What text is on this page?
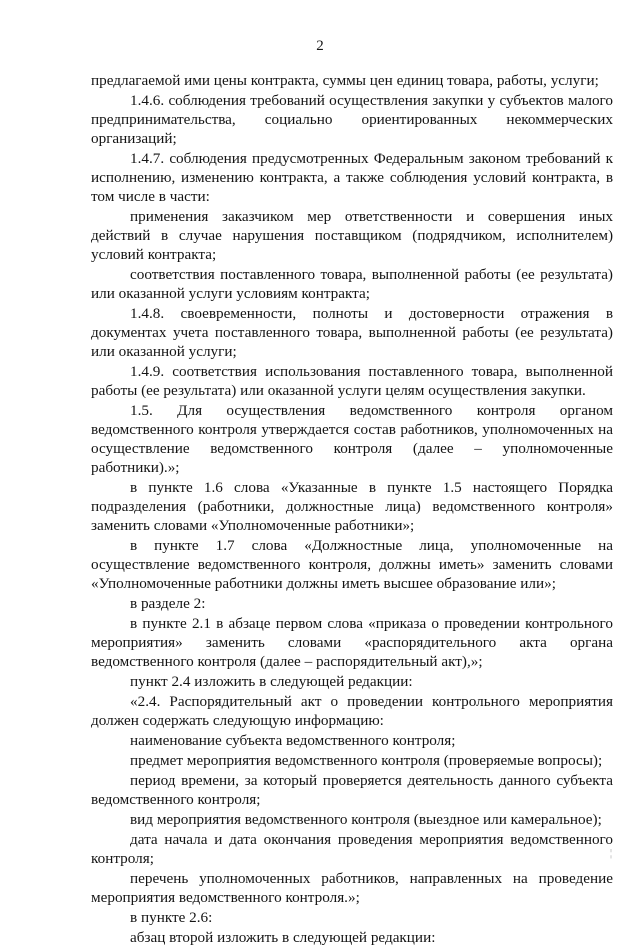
2

предлагаемой ими цены контракта, суммы цен единиц товара, работы, услуги;

1.4.6. соблюдения требований осуществления закупки у субъектов малого предпринимательства, социально ориентированных некоммерческих организаций;

1.4.7. соблюдения предусмотренных Федеральным законом требований к исполнению, изменению контракта, а также соблюдения условий контракта, в том числе в части:

применения заказчиком мер ответственности и совершения иных действий в случае нарушения поставщиком (подрядчиком, исполнителем) условий контракта;

соответствия поставленного товара, выполненной работы (ее результата) или оказанной услуги условиям контракта;

1.4.8. своевременности, полноты и достоверности отражения в документах учета поставленного товара, выполненной работы (ее результата) или оказанной услуги;

1.4.9. соответствия использования поставленного товара, выполненной работы (ее результата) или оказанной услуги целям осуществления закупки.

1.5. Для осуществления ведомственного контроля органом ведомственного контроля утверждается состав работников, уполномоченных на осуществление ведомственного контроля (далее – уполномоченные работники).»;

в пункте 1.6 слова «Указанные в пункте 1.5 настоящего Порядка подразделения (работники, должностные лица) ведомственного контроля» заменить словами «Уполномоченные работники»;

в пункте 1.7 слова «Должностные лица, уполномоченные на осуществление ведомственного контроля, должны иметь» заменить словами «Уполномоченные работники должны иметь высшее образование или»;

в разделе 2:

в пункте 2.1 в абзаце первом слова «приказа о проведении контрольного мероприятия» заменить словами «распорядительного акта органа ведомственного контроля (далее – распорядительный акт),»;

пункт 2.4 изложить в следующей редакции:

«2.4. Распорядительный акт о проведении контрольного мероприятия должен содержать следующую информацию:

наименование субъекта ведомственного контроля;

предмет мероприятия ведомственного контроля (проверяемые вопросы);

период времени, за который проверяется деятельность данного субъекта ведомственного контроля;

вид мероприятия ведомственного контроля (выездное или камеральное);

дата начала и дата окончания проведения мероприятия ведомственного контроля;

перечень уполномоченных работников, направленных на проведение мероприятия ведомственного контроля.»;

в пункте 2.6:

абзац второй изложить в следующей редакции:

¦
